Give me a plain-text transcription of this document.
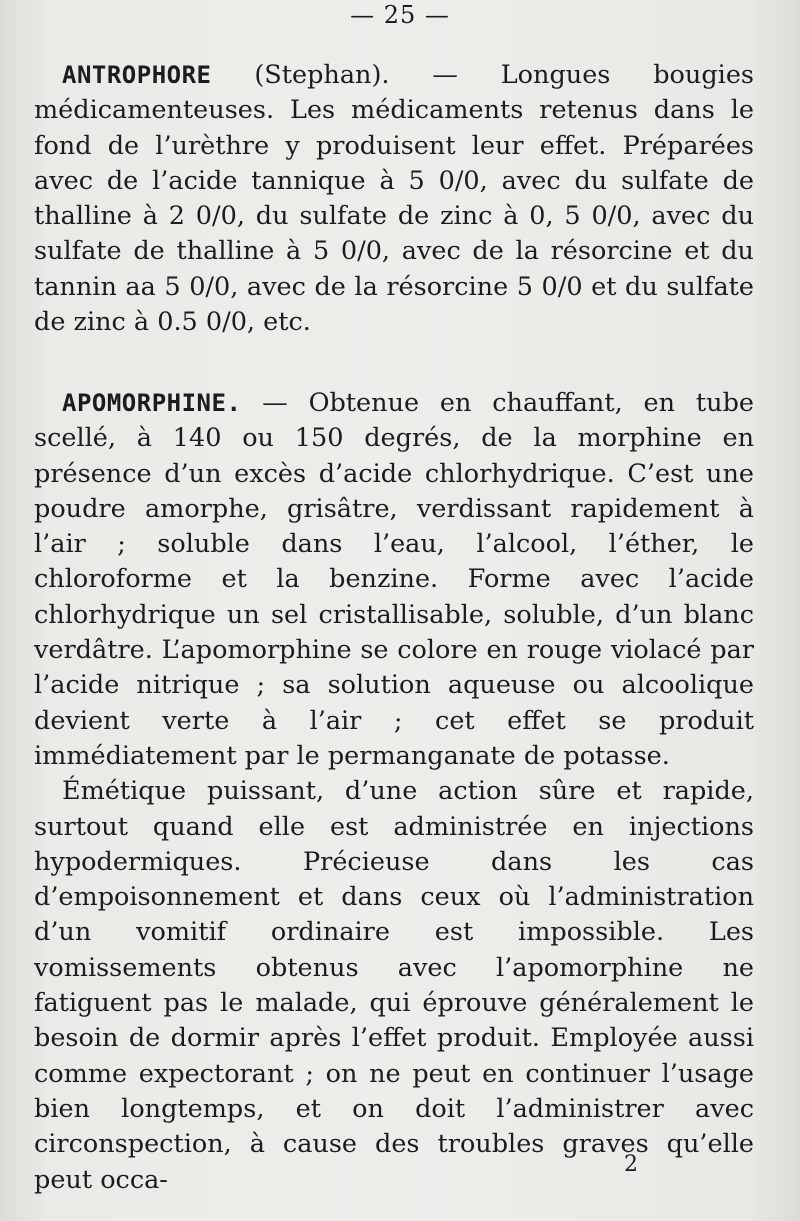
— 25 —

ANTROPHORE (Stephan). — Longues bougies médicamenteuses. Les médicaments retenus dans le fond de l’urèthre y produisent leur effet. Préparées avec de l’acide tannique à 5 0/0, avec du sulfate de thalline à 2 0/0, du sulfate de zinc à 0, 5 0/0, avec du sulfate de thalline à 5 0/0, avec de la résorcine et du tannin aa 5 0/0, avec de la résorcine 5 0/0 et du sulfate de zinc à 0.5 0/0, etc.

APOMORPHINE. — Obtenue en chauffant, en tube scellé, à 140 ou 150 degrés, de la morphine en présence d’un excès d’acide chlorhydrique. C’est une poudre amorphe, grisâtre, verdissant rapidement à l’air ; soluble dans l’eau, l’alcool, l’éther, le chloroforme et la benzine. Forme avec l’acide chlorhydrique un sel cristallisable, soluble, d’un blanc verdâtre. L’apomorphine se colore en rouge violacé par l’acide nitrique ; sa solution aqueuse ou alcoolique devient verte à l’air ; cet effet se produit immédiatement par le permanganate de potasse.

Émétique puissant, d’une action sûre et rapide, surtout quand elle est administrée en injections hypodermiques. Précieuse dans les cas d’empoisonnement et dans ceux où l’administration d’un vomitif ordinaire est impossible. Les vomissements obtenus avec l’apomorphine ne fatiguent pas le malade, qui éprouve généralement le besoin de dormir après l’effet produit. Employée aussi comme expectorant ; on ne peut en continuer l’usage bien longtemps, et on doit l’administrer avec circonspection, à cause des troubles graves qu’elle peut occa-

2
